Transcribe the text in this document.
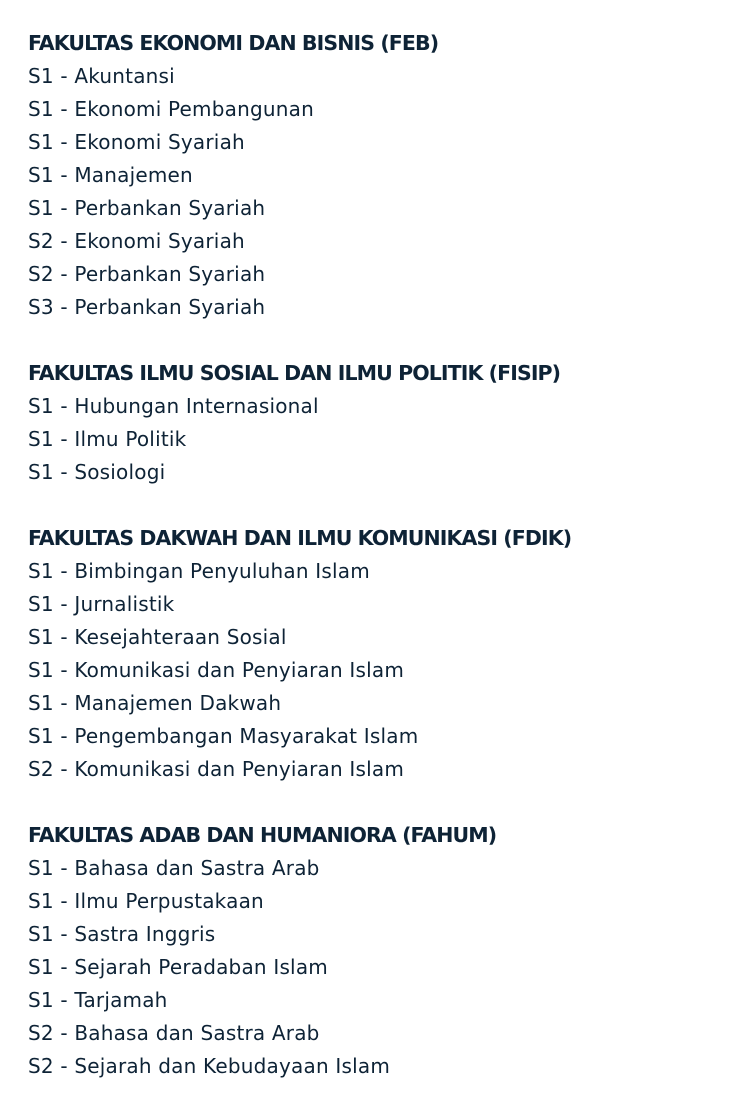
FAKULTAS EKONOMI DAN BISNIS (FEB)
S1 - Akuntansi
S1 - Ekonomi Pembangunan
S1 - Ekonomi Syariah
S1 - Manajemen
S1 - Perbankan Syariah
S2 - Ekonomi Syariah
S2 - Perbankan Syariah
S3 - Perbankan Syariah
FAKULTAS ILMU SOSIAL DAN ILMU POLITIK (FISIP)
S1 - Hubungan Internasional
S1 - Ilmu Politik
S1 - Sosiologi
FAKULTAS DAKWAH DAN ILMU KOMUNIKASI (FDIK)
S1 - Bimbingan Penyuluhan Islam
S1 - Jurnalistik
S1 - Kesejahteraan Sosial
S1 - Komunikasi dan Penyiaran Islam
S1 - Manajemen Dakwah
S1 - Pengembangan Masyarakat Islam
S2 - Komunikasi dan Penyiaran Islam
FAKULTAS ADAB DAN HUMANIORA (FAHUM)
S1 - Bahasa dan Sastra Arab
S1 - Ilmu Perpustakaan
S1 - Sastra Inggris
S1 - Sejarah Peradaban Islam
S1 - Tarjamah
S2 - Bahasa dan Sastra Arab
S2 - Sejarah dan Kebudayaan Islam
